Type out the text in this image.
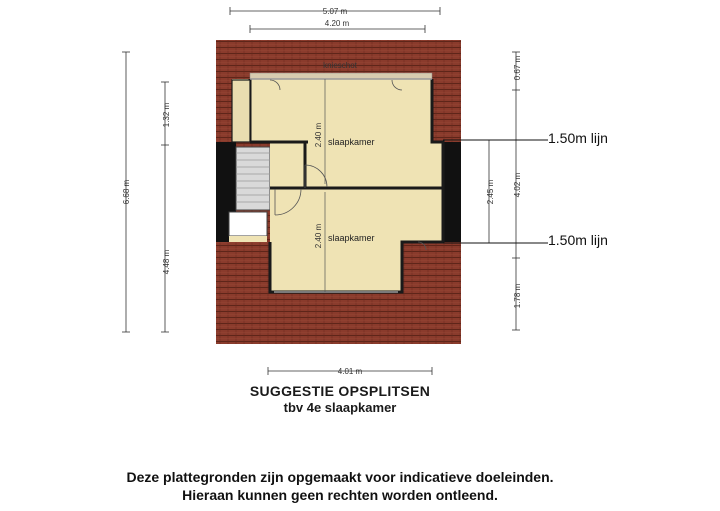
5.07 m
4.20 m
6.68 m
1.32 m
4.48 m
0.67 m
4.02 m
1.78 m
2.45 m
4.01 m
1.50m lijn
1.50m lijn
2.40 m
2.40 m
slaapkamer
slaapkamer
knieschot
SUGGESTIE OPSPLITSEN
tbv 4e slaapkamer
Deze plattegronden zijn opgemaakt voor indicatieve doeleinden.
Hieraan kunnen geen rechten worden ontleend.
